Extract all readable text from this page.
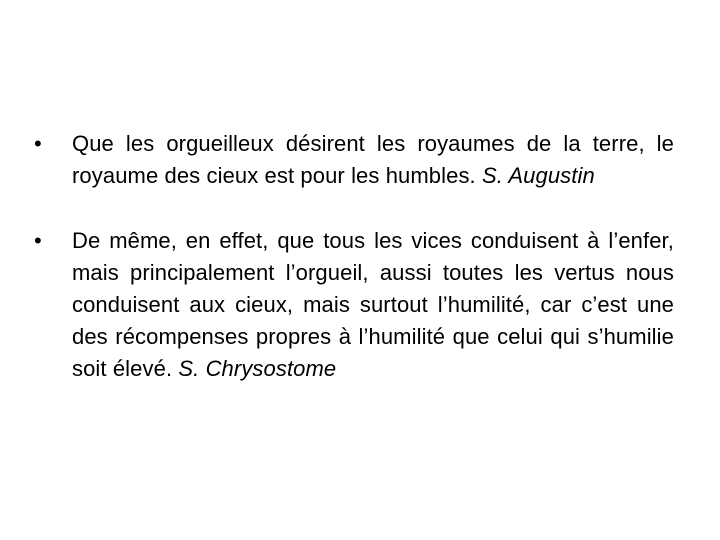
•	Que les orgueilleux désirent les royaumes de la terre, le royaume des cieux est pour les humbles. S. Augustin
•	De même, en effet, que tous les vices conduisent à l’enfer, mais principalement l’orgueil, aussi toutes les vertus nous conduisent aux cieux, mais surtout l’humilité, car c’est une des récompenses propres à l’humilité que celui qui s’humilie soit élevé. S. Chrysostome
